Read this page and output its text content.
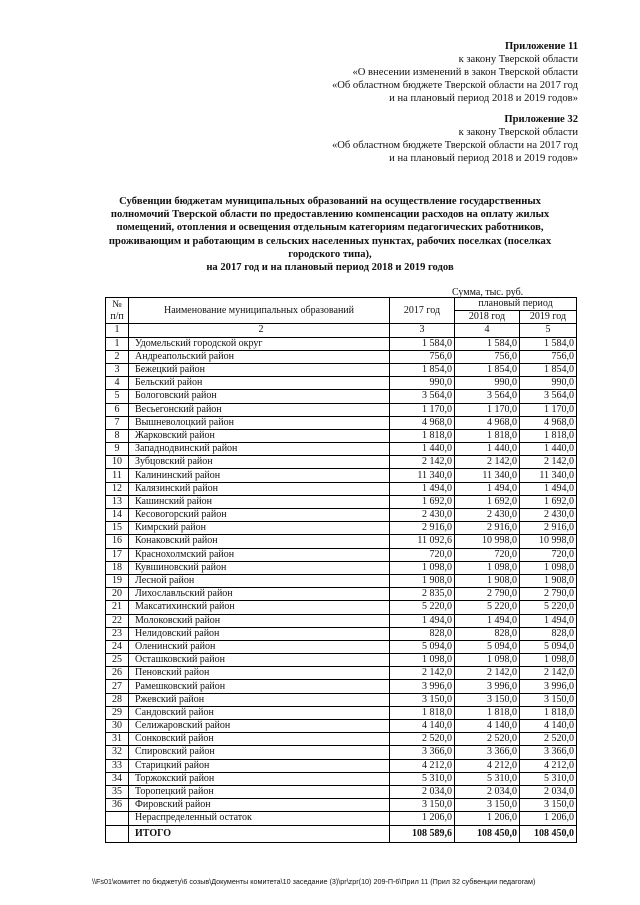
Приложение 11
к закону Тверской области
«О внесении изменений в закон Тверской области
«Об областном бюджете Тверской области на 2017 год
и на плановый период 2018 и 2019 годов»
Приложение 32
к закону Тверской области
«Об областном бюджете Тверской области на 2017 год
и на плановый период 2018 и 2019 годов»
Субвенции бюджетам муниципальных образований на осуществление государственных полномочий Тверской области по предоставлению компенсации расходов на оплату жилых помещений, отопления и освещения отдельным категориям педагогических работников, проживающим и работающим в сельских населенных пунктах, рабочих поселках (поселках городского типа),
на 2017 год и на плановый период 2018 и 2019 годов
Сумма, тыс. руб.
№ п/п	Наименование муниципальных образований	2017 год	плановый период	
			2018 год	2019 год
1	2	3	4	5
1	Удомельский городской округ	1 584,0	1 584,0	1 584,0
2	Андреапольский район	756,0	756,0	756,0
3	Бежецкий район	1 854,0	1 854,0	1 854,0
4	Бельский район	990,0	990,0	990,0
5	Бологовский район	3 564,0	3 564,0	3 564,0
6	Весьегонский район	1 170,0	1 170,0	1 170,0
7	Вышневолоцкий район	4 968,0	4 968,0	4 968,0
8	Жарковский район	1 818,0	1 818,0	1 818,0
9	Западнодвинский район	1 440,0	1 440,0	1 440,0
10	Зубцовский район	2 142,0	2 142,0	2 142,0
11	Калининский район	11 340,0	11 340,0	11 340,0
12	Калязинский район	1 494,0	1 494,0	1 494,0
13	Кашинский район	1 692,0	1 692,0	1 692,0
14	Кесовогорский район	2 430,0	2 430,0	2 430,0
15	Кимрский район	2 916,0	2 916,0	2 916,0
16	Конаковский район	11 092,6	10 998,0	10 998,0
17	Краснохолмский район	720,0	720,0	720,0
18	Кувшиновский район	1 098,0	1 098,0	1 098,0
19	Лесной район	1 908,0	1 908,0	1 908,0
20	Лихославльский район	2 835,0	2 790,0	2 790,0
21	Максатихинский район	5 220,0	5 220,0	5 220,0
22	Молоковский район	1 494,0	1 494,0	1 494,0
23	Нелидовский район	828,0	828,0	828,0
24	Оленинский район	5 094,0	5 094,0	5 094,0
25	Осташковский район	1 098,0	1 098,0	1 098,0
26	Пеновский район	2 142,0	2 142,0	2 142,0
27	Рамешковский район	3 996,0	3 996,0	3 996,0
28	Ржевский район	3 150,0	3 150,0	3 150,0
29	Сандовский район	1 818,0	1 818,0	1 818,0
30	Селижаровский район	4 140,0	4 140,0	4 140,0
31	Сонковский район	2 520,0	2 520,0	2 520,0
32	Спировский район	3 366,0	3 366,0	3 366,0
33	Старицкий район	4 212,0	4 212,0	4 212,0
34	Торжокский район	5 310,0	5 310,0	5 310,0
35	Торопецкий район	2 034,0	2 034,0	2 034,0
36	Фировский район	3 150,0	3 150,0	3 150,0
	Нераспределенный остаток	1 206,0	1 206,0	1 206,0
	ИТОГО	108 589,6	108 450,0	108 450,0
\\Fs01\комитет по бюджету\6 созыв\Документы комитета\10 заседание (3)\pr\zpr(10) 209-П-6\Прил 11 (Прил 32 субвенции педагогам)
